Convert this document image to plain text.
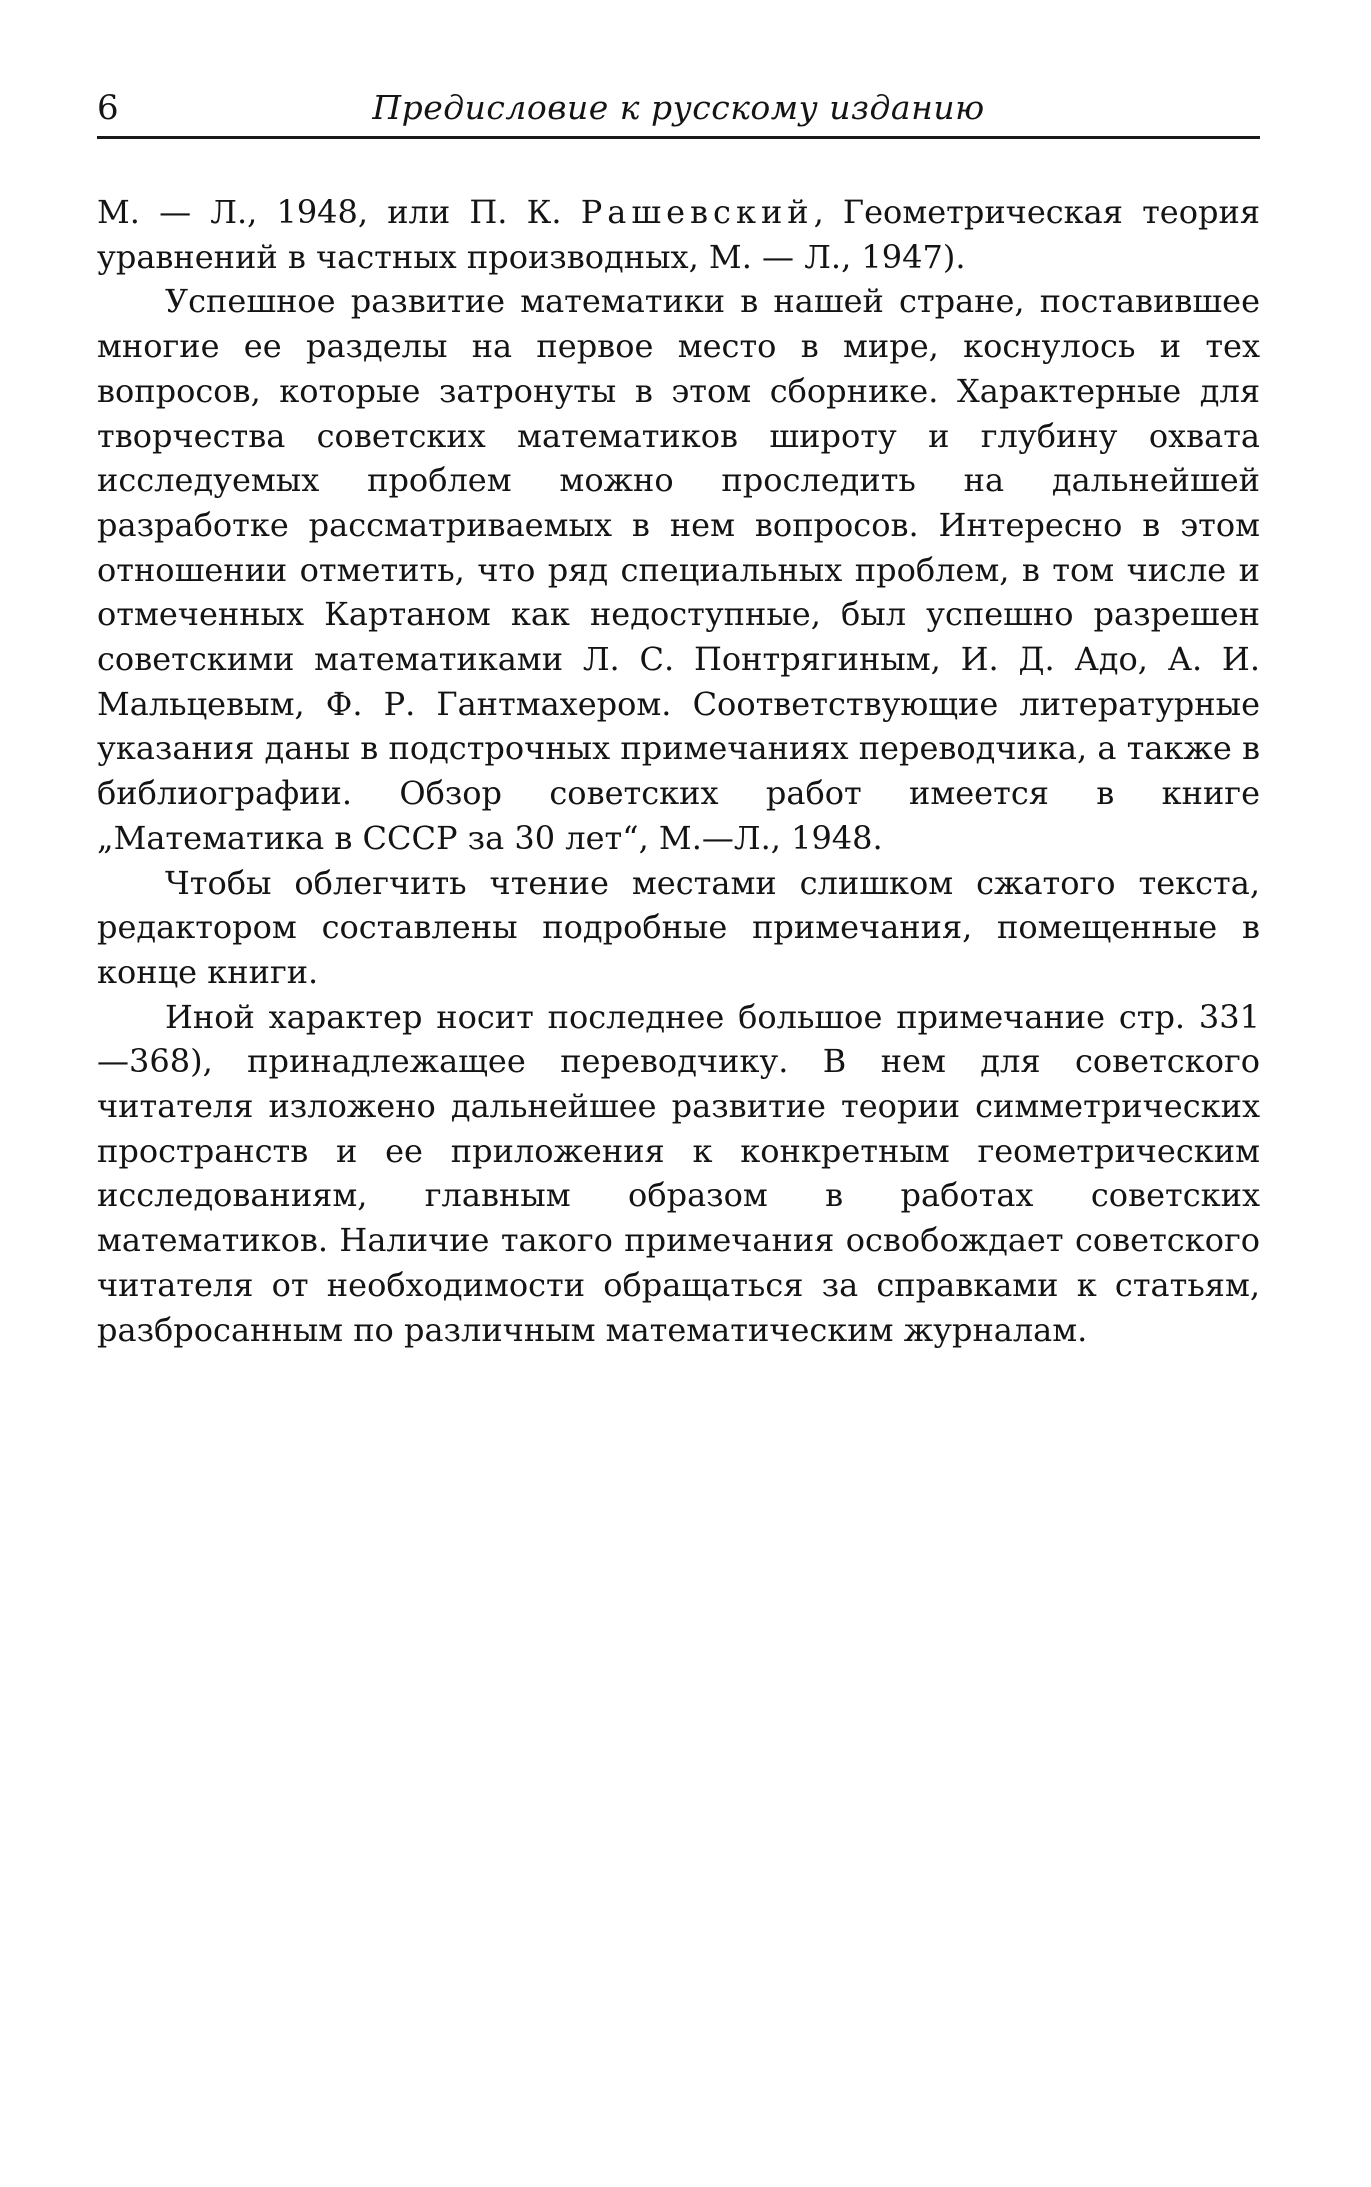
6	Предисловие к русскому изданию

М. — Л., 1948, или П. К. Рашевский, Геометрическая теория уравнений в частных производных, М. — Л., 1947).

Успешное развитие математики в нашей стране, поставившее многие ее разделы на первое место в мире, коснулось и тех вопросов, которые затронуты в этом сборнике. Характерные для творчества советских математиков широту и глубину охвата исследуемых проблем можно проследить на дальнейшей разработке рассматриваемых в нем вопросов. Интересно в этом отношении отметить, что ряд специальных проблем, в том числе и отмеченных Картаном как недоступные, был успешно разрешен советскими математиками Л. С. Понтрягиным, И. Д. Адо, А. И. Мальцевым, Ф. Р. Гантмахером. Соответствующие литературные указания даны в подстрочных примечаниях переводчика, а также в библиографии. Обзор советских работ имеется в книге „Математика в СССР за 30 лет“, М.—Л., 1948.

Чтобы облегчить чтение местами слишком сжатого текста, редактором составлены подробные примечания, помещенные в конце книги.

Иной характер носит последнее большое примечание стр. 331—368), принадлежащее переводчику. В нем для советского читателя изложено дальнейшее развитие теории симметрических пространств и ее приложения к конкретным геометрическим исследованиям, главным образом в работах советских математиков. Наличие такого примечания освобождает советского читателя от необходимости обращаться за справками к статьям, разбросанным по различным математическим журналам.
